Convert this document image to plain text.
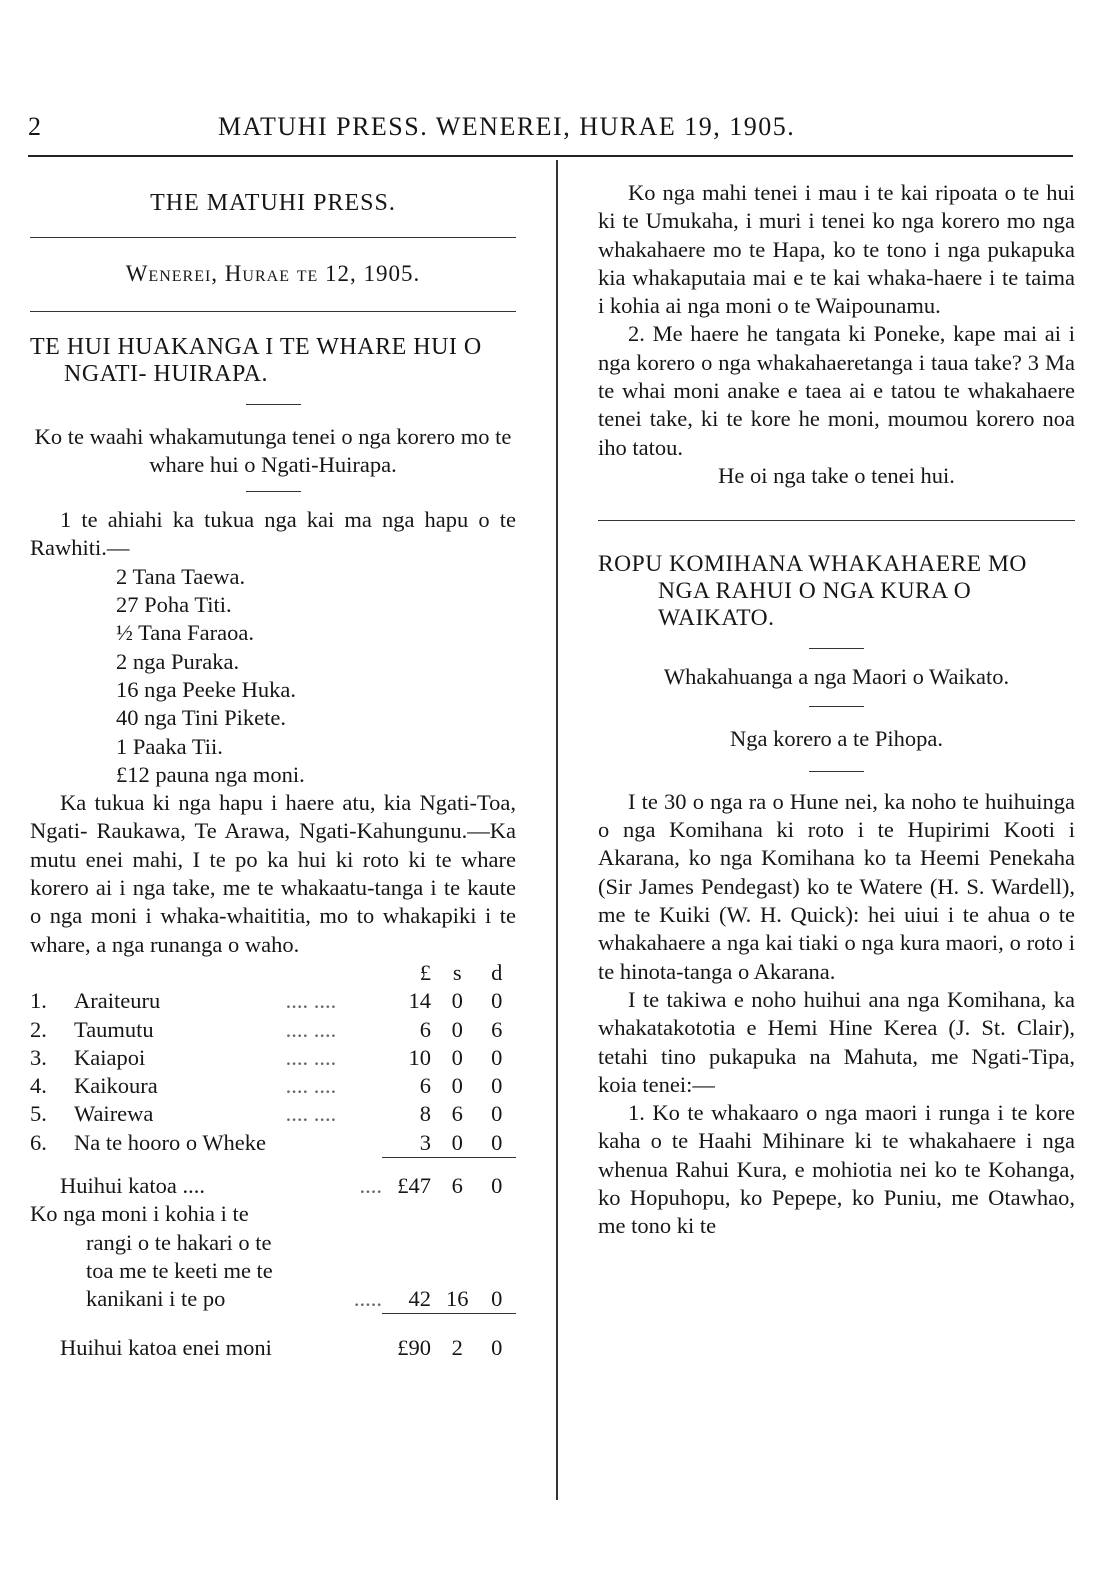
2	MATUHI PRESS. WENEREI, HURAE 19, 1905.
THE MATUHI PRESS.
Wenerei, Hurae te 12, 1905.
TE HUI HUAKANGA I TE WHARE HUI O NGATI- HUIRAPA.

Ko te waahi whakamutunga tenei o nga korero mo te whare hui o Ngati-Huirapa.

1 te ahiahi ka tukua nga kai ma nga hapu o te Rawhiti.—

2 Tana Taewa.
27 Poha Titi.
½ Tana Faraoa.
2 nga Puraka.
16 nga Peeke Huka.
40 nga Tini Pikete.
1 Paaka Tii.
£12 pauna nga moni.

Ka tukua ki nga hapu i haere atu, kia Ngati-Toa, Ngati- Raukawa, Te Arawa, Ngati-Kahungunu.—Ka mutu enei mahi, I te po ka hui ki roto ki te whare korero ai i nga take, me te whakaatu-tanga i te kaute o nga moni i whaka-whaititia, mo to whakapiki i te whare, a nga runanga o waho.

			£	s	d
1.	Araiteuru	.... ....	14	0	0
2.	Taumutu	.... ....	6	0	6
3.	Kaiapoi	.... ....	10	0	0
4.	Kaikoura	.... ....	6	0	0
5.	Wairewa	.... ....	8	6	0
6.	Na te hooro o Wheke		3	0	0

Huihui katoa ....		....	£47	6	0

Ko nga moni i kohia i te rangi o te hakari o te toa me te keeti me te kanikani i te po		.....	42	16	0

Huihui katoa enei moni			£90	2	0

Ko nga mahi tenei i mau i te kai ripoata o te hui ki te Umukaha, i muri i tenei ko nga korero mo nga whakahaere mo te Hapa, ko te tono i nga pukapuka kia whakaputaia mai e te kai whaka-haere i te taima i kohia ai nga moni o te Waipounamu.

2. Me haere he tangata ki Poneke, kape mai ai i nga korero o nga whakahaeretanga i taua take? 3 Ma te whai moni anake e taea ai e tatou te whakahaere tenei take, ki te kore he moni, moumou korero noa iho tatou.

He oi nga take o tenei hui.
ROPU KOMIHANA WHAKAHAERE MO NGA RAHUI O NGA KURA O WAIKATO.
Whakahuanga a nga Maori o Waikato.
Nga korero a te Pihopa.

I te 30 o nga ra o Hune nei, ka noho te huihuinga o nga Komihana ki roto i te Hupirimi Kooti i Akarana, ko nga Komihana ko ta Heemi Penekaha (Sir James Pendegast) ko te Watere (H. S. Wardell), me te Kuiki (W. H. Quick): hei uiui i te ahua o te whakahaere a nga kai tiaki o nga kura maori, o roto i te hinota-tanga o Akarana.

I te takiwa e noho huihui ana nga Komihana, ka whakatakototia e Hemi Hine Kerea (J. St. Clair), tetahi tino pukapuka na Mahuta, me Ngati-Tipa, koia tenei:—

1. Ko te whakaaro o nga maori i runga i te kore kaha o te Haahi Mihinare ki te whakahaere i nga whenua Rahui Kura, e mohiotia nei ko te Kohanga, ko Hopuhopu, ko Pepepe, ko Puniu, me Otawhao, me tono ki te
